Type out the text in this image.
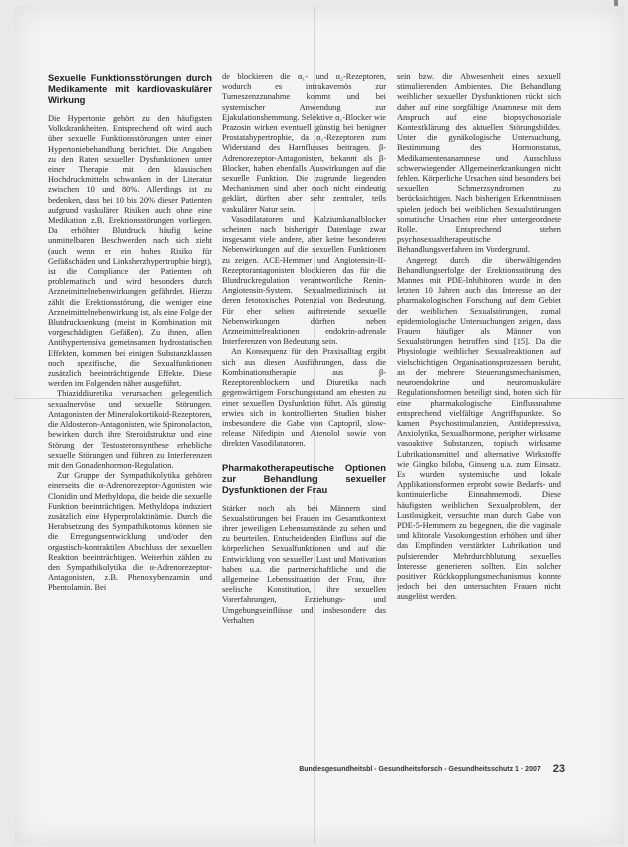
Sexuelle Funktionsstörungen durch Medikamente mit kardiovaskulärer Wirkung

Die Hypertonie gehört zu den häufigsten Volkskrankheiten. Entsprechend oft wird auch über sexuelle Funktionsstörungen unter einer Hypertoniebehandlung berichtet. Die Angaben zu den Raten sexueller Dysfunktionen unter einer Therapie mit den klassischen Hochdruckmitteln schwanken in der Literatur zwischen 10 und 80%. Allerdings ist zu bedenken, dass bei 10 bis 20% dieser Patienten aufgrund vaskulärer Risiken auch ohne eine Medikation z.B. Erektionsstörungen vorliegen. Da erhöhter Blutdruck häufig keine unmittelbaren Beschwerden nach sich zieht (auch wenn er ein hohes Risiko für Gefäßschäden und Linksherzhypertrophie birgt), ist die Compliance der Patienten oft problematisch und wird besonders durch Arzneimittelnebenwirkungen gefährdet. Hierzu zählt die Erektionsstörung, die weniger eine Arzneimittelnebenwirkung ist, als eine Folge der Blutdrucksenkung (meist in Kombination mit vorgeschädigten Gefäßen). Zu ihnen, allen Antihypertensiva gemeinsamen hydrostatischen Effekten, kommen bei einigen Substanzklassen noch spezifische, die Sexualfunktionen zusätzlich beeinträchtigende Effekte. Diese werden im Folgenden näher ausgeführt.

Thiaziddiuretika verursachen gelegentlich sexualnervöse und sexuelle Störungen. Antagonisten der Mineralokortikoid-Rezeptoren, die Aldosteron-Antagonisten, wie Spironolacton, bewirken durch ihre Steroidstruktur und eine Störung der Testosteronsynthese erhebliche sexuelle Störungen und führen zu Interferenzen mit den Gonadenhormon-Regulation.

Zur Gruppe der Sympathikolytika gehören einerseits die α-Adrenorezeptor-Agonisten wie Clonidin und Methyldopa, die beide die sexuelle Funktion beeinträchtigen. Methyldopa induziert zusätzlich eine Hyperprolaktinämie. Durch die Herabsetzung des Sympathikotonus können sie die Erregungsentwicklung und/oder den orgastisch-kontraktilen Abschluss der sexuellen Reaktion beeinträchtigen. Weiterhin zählen zu den Sympathikolytika die α-Adrenorezeptor-Antagonisten, z.B. Phenoxybenzamin und Phentolamin. Bei

de blockieren die α₁- und α₂-Rezeptoren, wodurch es intrakavernös zur Tumeszenzzunahme kommt und bei systemischer Anwendung zur Ejakulationshemmung. Selektive α₁-Blocker wie Prazosin wirken eventuell günstig bei benigner Prostatahypertrophie, da α₁-Rezeptoren zum Widerstand des Harnflusses beitragen. β-Adrenorezeptor-Antagonisten, bekannt als β-Blocker, haben ebenfalls Auswirkungen auf die sexuelle Funktion. Die zugrunde liegenden Mechanismen sind aber noch nicht eindeutig geklärt, dürften aber sehr zentraler, teils vaskulärer Natur sein.

Vasodilatatoren und Kalziumkanalblocker scheinen nach bisheriger Datenlage zwar insgesamt viele andere, aber keine besonderen Nebenwirkungen auf die sexuellen Funktionen zu zeigen. ACE-Hemmer und Angiotensin-II-Rezeptorantagonisten blockieren das für die Blutdruckregulation verantwortliche Renin-Angiotensin-System. Sexualmedizinisch ist deren fetotoxisches Potenzial von Bedeutung. Für eher selten auftretende sexuelle Nebenwirkungen dürften neben Arzneimittelreaktionen endokrin-adrenale Interferenzen von Bedeutung sein.

An Konsequenz für den Praxisalltag ergibt sich aus diesen Ausführungen, dass die Kombinationstherapie aus β-Rezeptorenblockern und Diuretika nach gegenwärtigem Forschungsstand am ehesten zu einer sexuellen Dysfunktion führt. Als günstig erwies sich in kontrollierten Studien bisher insbesondere die Gabe von Captopril, slow-release Nifedipin und Atenolol sowie von direkten Vasodilatatoren.

Pharmakotherapeutische Optionen zur Behandlung sexueller Dysfunktionen der Frau

Stärker noch als bei Männern sind Sexualstörungen bei Frauen im Gesamtkontext ihrer jeweiligen Lebensumstände zu sehen und zu beurteilen. Entscheidenden Einfluss auf die körperlichen Sexualfunktionen und auf die Entwicklung von sexueller Lust und Motivation haben u.a. die partnerschaftliche und die allgemeine Lebenssituation der Frau, ihre seelische Konstitution, ihre sexuellen Vorerfahrungen, Erziehungs- und Umgebungseinflüsse und insbesondere das Verhalten

sein bzw. die Abwesenheit eines sexuell stimulierenden Ambientes. Die Behandlung weiblicher sexueller Dysfunktionen rückt sich daher auf eine sorgfältige Anamnese mit dem Anspruch auf eine biopsychosoziale Kontextklärung des aktuellen Störungsbildes. Unter die gynäkologische Untersuchung, Bestimmung des Hormonstatus, Medikamentenanamnese und Ausschluss schwerwiegender Allgemeinerkrankungen nicht fehlen. Körperliche Ursachen sind besonders bei sexuellen Schmerzsyndromen zu berücksichtigen. Nach bisherigen Erkenntnissen spielen jedoch bei weiblichen Sexualstörungen somatische Ursachen eine eher untergeordnete Rolle. Entsprechend stehen psychosexualtherapeutische Behandlungsverfahren im Vordergrund.

Angeregt durch die überwältigenden Behandlungserfolge der Erektionsstörung des Mannes mit PDE-Inhibitoren wurde in den letzten 10 Jahren auch das Interesse an der pharmakologischen Forschung auf dem Gebiet der weiblichen Sexualstörungen, zumal epidemiologische Untersuchungen zeigen, dass Frauen häufiger als Männer von Sexualstörungen betroffen sind [15]. Da die Physiologie weiblicher Sexualreaktionen auf vielschichtigen Organisationsprozessen beruht, an der mehrere Steuerungsmechanismen, neuroendokrine und neuromuskuläre Regulationsformen beteiligt sind, boten sich für eine pharmakologische Einflussnahme entsprechend vielfältige Angriffspunkte. So kamen Psychostimulanzien, Antidepressiva, Anxiolytika, Sexualhormone, peripher wirksame vasoaktive Substanzen, topisch wirksame Lubrikationsmittel und alternative Wirkstoffe wie Gingko biloba, Ginseng u.a. zum Einsatz. Es wurden systemische und lokale Applikationsformen erprobt sowie Bedarfs- und kontinuierliche Einnahmemodi. Diese häufigsten weiblichen Sexualproblem, der Lustlosigkeit, versuchte man durch Gabe von PDE-5-Hemmern zu begegnen, die die vaginale und klitorale Vasokongestion erhöhen und über das Empfinden verstärkter Lubrikation und pulsierender Mehrdurchblutung sexuelles Interesse generieren sollten. Ein solcher positiver Rückkopplungsmechanismus konnte jedoch bei den untersuchten Frauen nicht ausgelöst werden.

Bundesgesundheitsbl - Gesundheitsforsch - Gesundheitsschutz 1 · 2007 23
